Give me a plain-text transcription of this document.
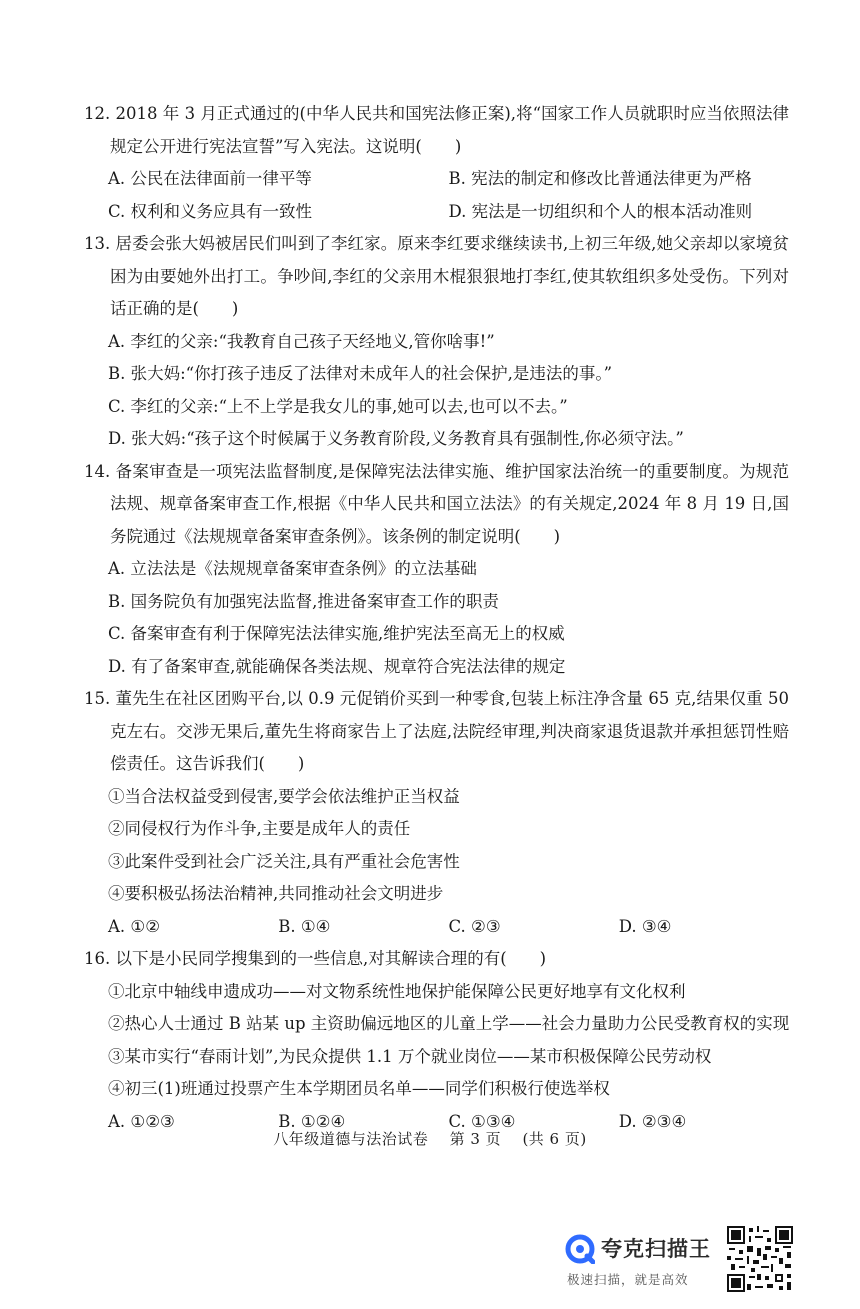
12. 2018 年 3 月正式通过的(中华人民共和国宪法修正案),将“国家工作人员就职时应当依照法律规定公开进行宪法宣誓”写入宪法。这说明(　　)
A. 公民在法律面前一律平等	B. 宪法的制定和修改比普通法律更为严格
C. 权利和义务应具有一致性	D. 宪法是一切组织和个人的根本活动准则
13. 居委会张大妈被居民们叫到了李红家。原来李红要求继续读书,上初三年级,她父亲却以家境贫困为由要她外出打工。争吵间,李红的父亲用木棍狠狠地打李红,使其软组织多处受伤。下列对话正确的是(　　)
A. 李红的父亲:“我教育自己孩子天经地义,管你啥事!”
B. 张大妈:“你打孩子违反了法律对未成年人的社会保护,是违法的事。”
C. 李红的父亲:“上不上学是我女儿的事,她可以去,也可以不去。”
D. 张大妈:“孩子这个时候属于义务教育阶段,义务教育具有强制性,你必须守法。”
14. 备案审查是一项宪法监督制度,是保障宪法法律实施、维护国家法治统一的重要制度。为规范法规、规章备案审查工作,根据《中华人民共和国立法法》的有关规定,2024 年 8 月 19 日,国务院通过《法规规章备案审查条例》。该条例的制定说明(　　)
A. 立法法是《法规规章备案审查条例》的立法基础
B. 国务院负有加强宪法监督,推进备案审查工作的职责
C. 备案审查有利于保障宪法法律实施,维护宪法至高无上的权威
D. 有了备案审查,就能确保各类法规、规章符合宪法法律的规定
15. 董先生在社区团购平台,以 0.9 元促销价买到一种零食,包装上标注净含量 65 克,结果仅重 50 克左右。交涉无果后,董先生将商家告上了法庭,法院经审理,判决商家退货退款并承担惩罚性赔偿责任。这告诉我们(　　)
①当合法权益受到侵害,要学会依法维护正当权益
②同侵权行为作斗争,主要是成年人的责任
③此案件受到社会广泛关注,具有严重社会危害性
④要积极弘扬法治精神,共同推动社会文明进步
A. ①②	B. ①④	C. ②③	D. ③④
16. 以下是小民同学搜集到的一些信息,对其解读合理的有(　　)
①北京中轴线申遗成功——对文物系统性地保护能保障公民更好地享有文化权利
②热心人士通过 B 站某 up 主资助偏远地区的儿童上学——社会力量助力公民受教育权的实现
③某市实行“春雨计划”,为民众提供 1.1 万个就业岗位——某市积极保障公民劳动权
④初三(1)班通过投票产生本学期团员名单——同学们积极行使选举权
A. ①②③	B. ①②④	C. ①③④	D. ②③④
八年级道德与法治试卷 第 3 页 (共 6 页)
夸克扫描王
极速扫描，就是高效
